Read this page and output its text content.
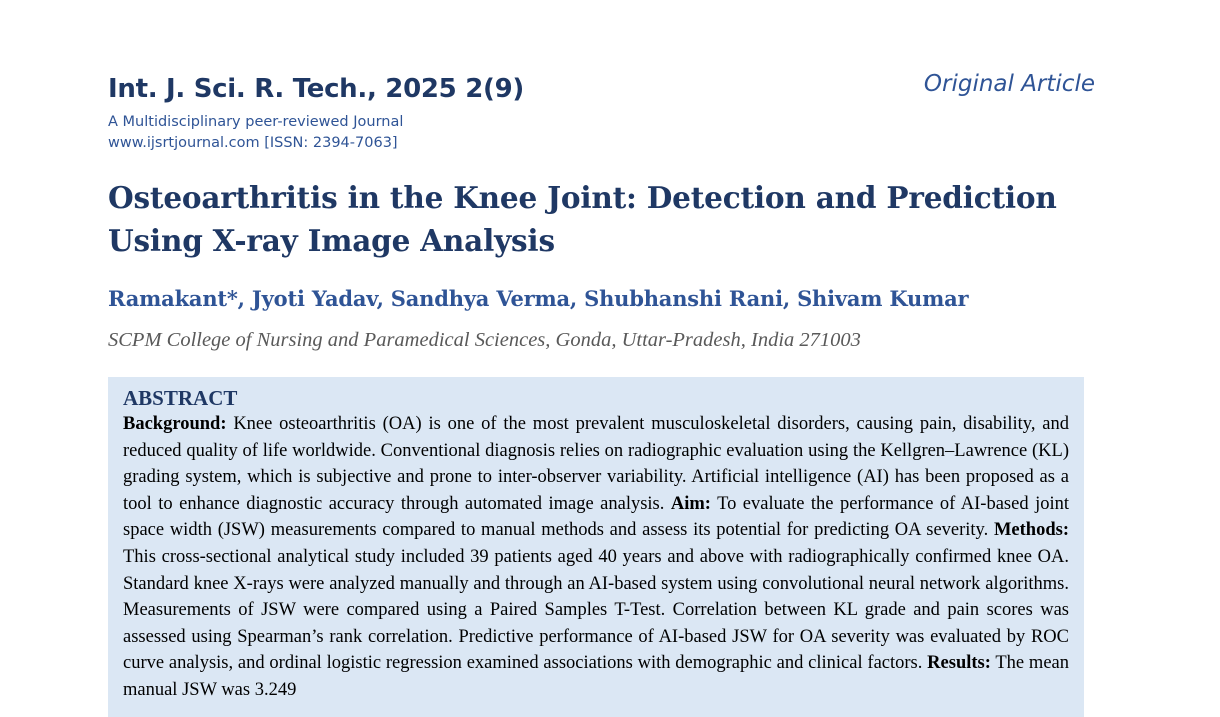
Int. J. Sci. R. Tech., 2025 2(9)	Original Article
A Multidisciplinary peer-reviewed Journal
www.ijsrtjournal.com [ISSN: 2394-7063]
Osteoarthritis in the Knee Joint: Detection and Prediction Using X-ray Image Analysis
Ramakant*, Jyoti Yadav, Sandhya Verma, Shubhanshi Rani, Shivam Kumar
SCPM College of Nursing and Paramedical Sciences, Gonda, Uttar-Pradesh, India 271003
ABSTRACT

Background: Knee osteoarthritis (OA) is one of the most prevalent musculoskeletal disorders, causing pain, disability, and reduced quality of life worldwide. Conventional diagnosis relies on radiographic evaluation using the Kellgren–Lawrence (KL) grading system, which is subjective and prone to inter-observer variability. Artificial intelligence (AI) has been proposed as a tool to enhance diagnostic accuracy through automated image analysis. Aim: To evaluate the performance of AI-based joint space width (JSW) measurements compared to manual methods and assess its potential for predicting OA severity. Methods: This cross-sectional analytical study included 39 patients aged 40 years and above with radiographically confirmed knee OA. Standard knee X-rays were analyzed manually and through an AI-based system using convolutional neural network algorithms. Measurements of JSW were compared using a Paired Samples T-Test. Correlation between KL grade and pain scores was assessed using Spearman’s rank correlation. Predictive performance of AI-based JSW for OA severity was evaluated by ROC curve analysis, and ordinal logistic regression examined associations with demographic and clinical factors. Results: The mean manual JSW was 3.249
